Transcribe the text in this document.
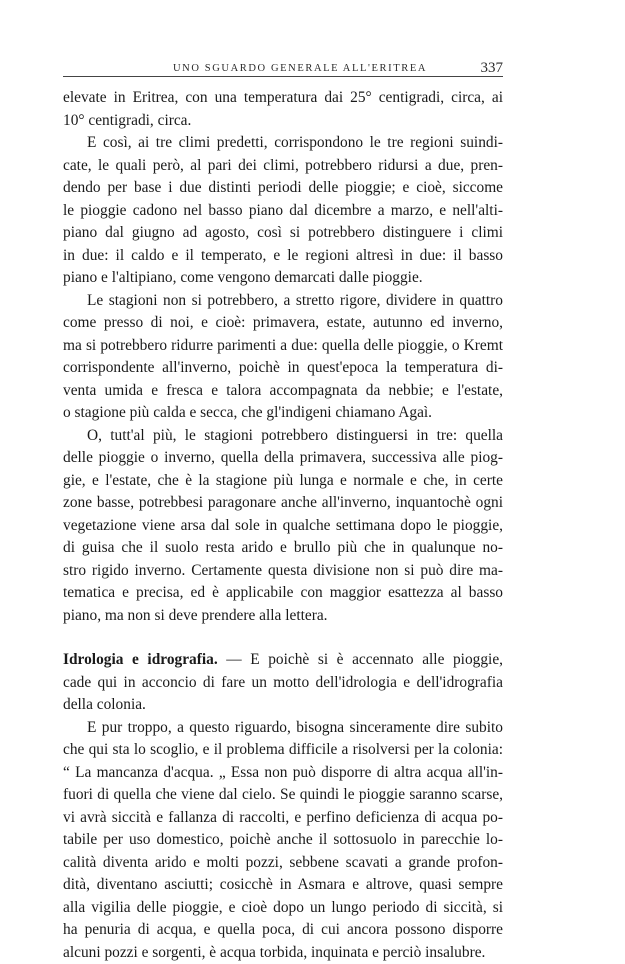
UNO SGUARDO GENERALE ALL'ERITREA	337
elevate in Eritrea, con una temperatura dai 25° centigradi, circa, ai
10° centigradi, circa.
E così, ai tre climi predetti, corrispondono le tre regioni suindi-
cate, le quali però, al pari dei climi, potrebbero ridursi a due, pren-
dendo per base i due distinti periodi delle pioggie; e cioè, siccome
le pioggie cadono nel basso piano dal dicembre a marzo, e nell'alti-
piano dal giugno ad agosto, così si potrebbero distinguere i climi
in due: il caldo e il temperato, e le regioni altresì in due: il basso
piano e l'altipiano, come vengono demarcati dalle pioggie.
Le stagioni non si potrebbero, a stretto rigore, dividere in quattro
come presso di noi, e cioè: primavera, estate, autunno ed inverno,
ma si potrebbero ridurre parimenti a due: quella delle pioggie, o Kremt
corrispondente all'inverno, poichè in quest'epoca la temperatura di-
venta umida e fresca e talora accompagnata da nebbie; e l'estate,
o stagione più calda e secca, che gl'indigeni chiamano Agaì.
O, tutt'al più, le stagioni potrebbero distinguersi in tre: quella
delle pioggie o inverno, quella della primavera, successiva alle piog-
gie, e l'estate, che è la stagione più lunga e normale e che, in certe
zone basse, potrebbesi paragonare anche all'inverno, inquantochè ogni
vegetazione viene arsa dal sole in qualche settimana dopo le pioggie,
di guisa che il suolo resta arido e brullo più che in qualunque no-
stro rigido inverno. Certamente questa divisione non si può dire ma-
tematica e precisa, ed è applicabile con maggior esattezza al basso
piano, ma non si deve prendere alla lettera.
Idrologia e idrografia. — E poichè si è accennato alle pioggie,
cade qui in acconcio di fare un motto dell'idrologia e dell'idrografia
della colonia.
E pur troppo, a questo riguardo, bisogna sinceramente dire subito
che qui sta lo scoglio, e il problema difficile a risolversi per la colonia:
“ La mancanza d'acqua. „ Essa non può disporre di altra acqua all'in-
fuori di quella che viene dal cielo. Se quindi le pioggie saranno scarse,
vi avrà siccità e fallanza di raccolti, e perfino deficienza di acqua po-
tabile per uso domestico, poichè anche il sottosuolo in parecchie lo-
calità diventa arido e molti pozzi, sebbene scavati a grande profon-
dità, diventano asciutti; cosicchè in Asmara e altrove, quasi sempre
alla vigilia delle pioggie, e cioè dopo un lungo periodo di siccità, si
ha penuria di acqua, e quella poca, di cui ancora possono disporre
alcuni pozzi e sorgenti, è acqua torbida, inquinata e perciò insalubre.
